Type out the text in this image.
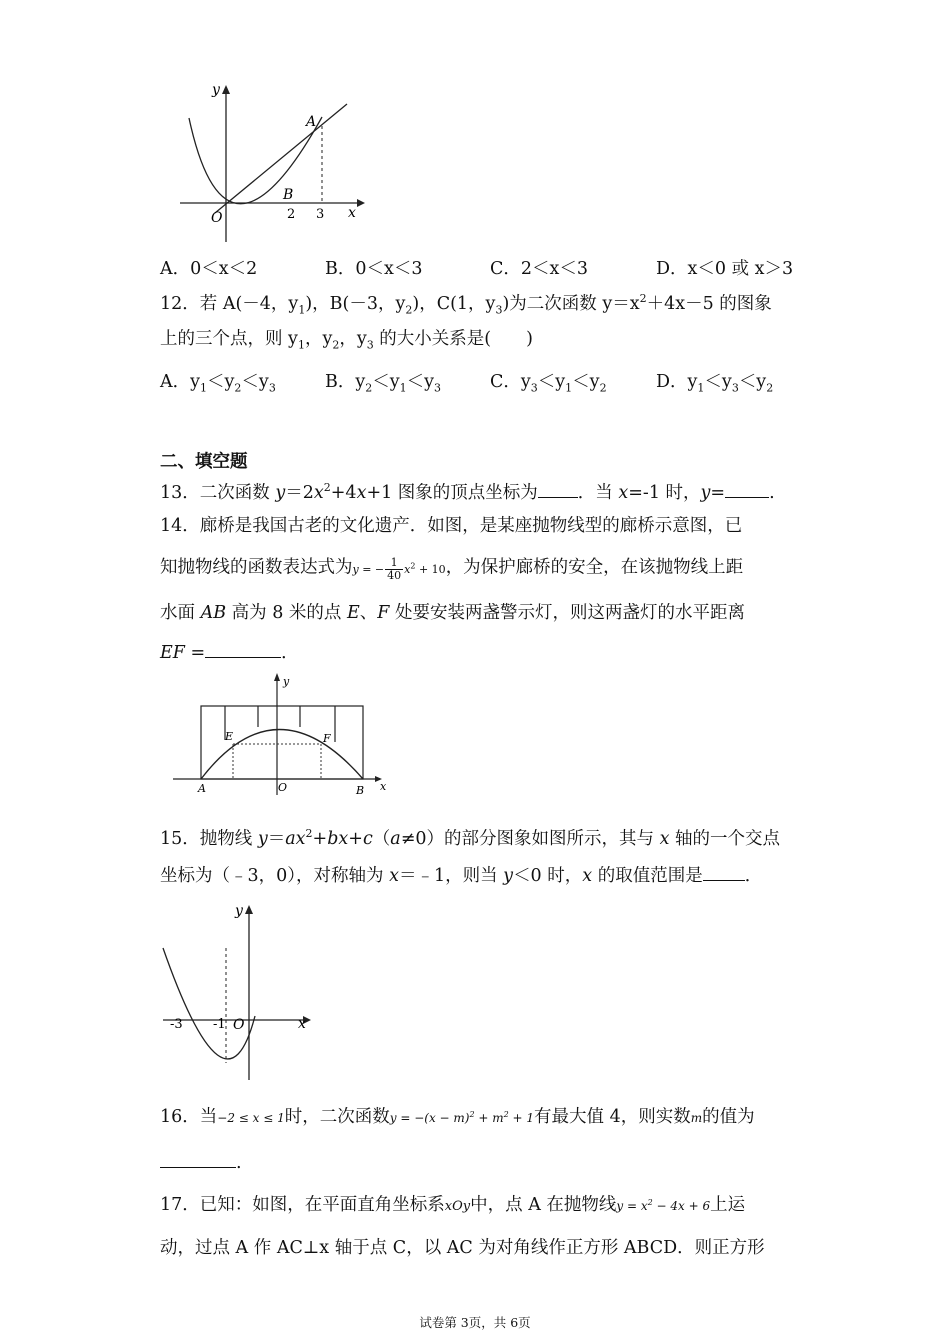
y
x
A
B
O	2 3
A．0＜x＜2	B．0＜x＜3	C．2＜x＜3	D．x＜0 或 x＞3
12．若 A(－4，$y_1$)，B(－3，$y_2$)，C(1，$y_3$)为二次函数 $y=x^2+4x-5$ 的图象
上的三个点，则 $y_1$，$y_2$，$y_3$ 的大小关系是(　　)
A．$y_1<y_2<y_3$	B．$y_2<y_1<y_3$	C．$y_3<y_1<y_2$	D．$y_1<y_3<y_2$
二、填空题
13．二次函数 $y=2x^2+4x+1$ 图象的顶点坐标为 ．当 x=-1 时，y=	.
14．廊桥是我国古老的文化遗产．如图，是某座抛物线型的廊桥示意图，已
知抛物线的函数表达式为y = − $\frac{1}{40} x^2 + 10$，为保护廊桥的安全，在该抛物线上距
水面 AB 高为 8 米的点 E、F 处要安装两盏警示灯，则这两盏灯的水平距离
EF =	．
y
x
E	F
A	O	B
15．抛物线 $y=ax^2+bx+c(a\ne 0)$的部分图象如图所示，其与 x 轴的一个交点
坐标为（﹣3，0），对称轴为 x＝﹣1，则当 y＜0 时，x 的取值范围是 ．
y
x
-3 -1 O
16．当−2 ≤ x ≤ 1时，二次函数$y = -(x - m)^2 + m^2 + 1$有最大值 4，则实数m的值为
.
17．已知：如图，在平面直角坐标系xOy中，点 A 在抛物线$y = x^2 - 4x + 6$上运
动，过点 A 作 AC⊥x 轴于点 C，以 AC 为对角线作正方形 ABCD．则正方形
试卷第 3页，共 6页
